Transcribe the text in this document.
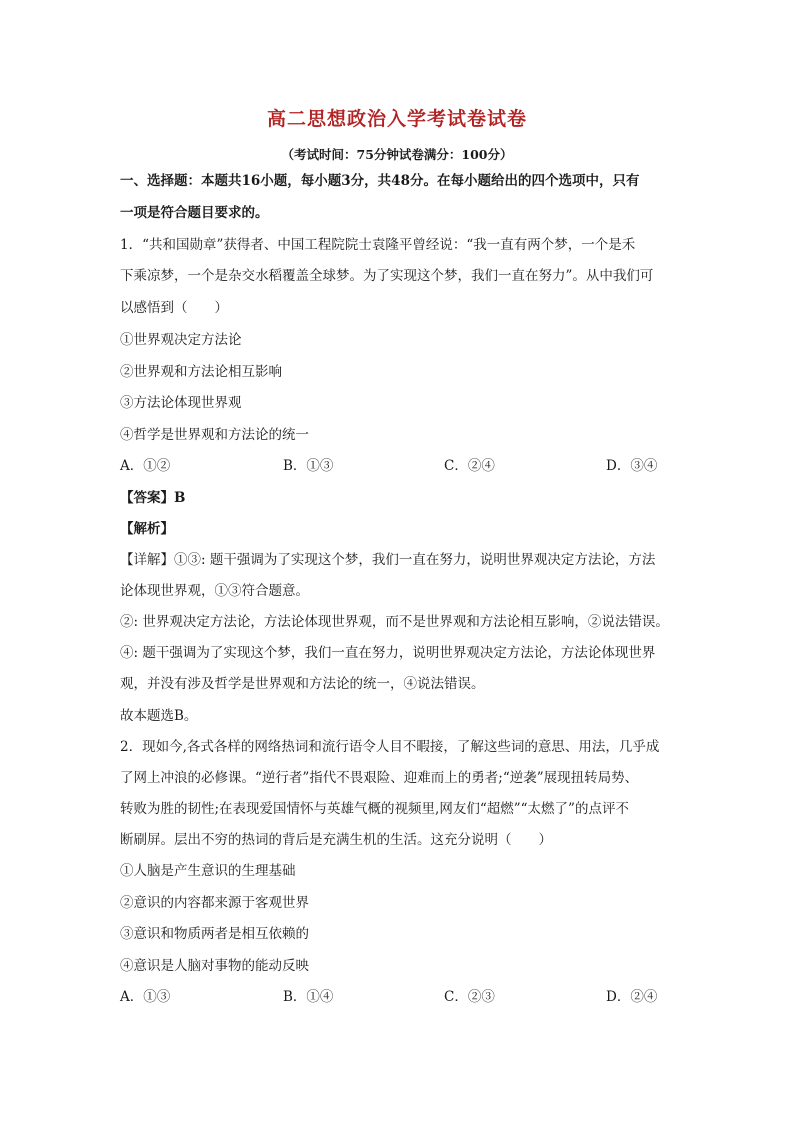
高二思想政治入学考试卷试卷
（考试时间：75分钟试卷满分：100分）
一、选择题：本题共16小题，每小题3分，共48分。在每小题给出的四个选项中，只有
一项是符合题目要求的。
1．“共和国勋章”获得者、中国工程院院士袁隆平曾经说：“我一直有两个梦，一个是禾
下乘凉梦，一个是杂交水稻覆盖全球梦。为了实现这个梦，我们一直在努力”。从中我们可
以感悟到（　　）
①世界观决定方法论
②世界观和方法论相互影响
③方法论体现世界观
④哲学是世界观和方法论的统一
A．①②	B．①③	C．②④	D．③④
【答案】B
【解析】
【详解】①③: 题干强调为了实现这个梦，我们一直在努力，说明世界观决定方法论，方法
论体现世界观，①③符合题意。
②: 世界观决定方法论，方法论体现世界观，而不是世界观和方法论相互影响，②说法错误。
④: 题干强调为了实现这个梦，我们一直在努力，说明世界观决定方法论，方法论体现世界
观，并没有涉及哲学是世界观和方法论的统一，④说法错误。
故本题选B。
2．现如今,各式各样的网络热词和流行语令人目不暇接，了解这些词的意思、用法，几乎成
了网上冲浪的必修课。“逆行者”指代不畏艰险、迎难而上的勇者;“逆袭”展现扭转局势、
转败为胜的韧性;在表现爱国情怀与英雄气概的视频里,网友们“超燃”“太燃了”的点评不
断刷屏。层出不穷的热词的背后是充满生机的生活。这充分说明（　　）
①人脑是产生意识的生理基础
②意识的内容都来源于客观世界
③意识和物质两者是相互依赖的
④意识是人脑对事物的能动反映
A．①③	B．①④	C．②③	D．②④
